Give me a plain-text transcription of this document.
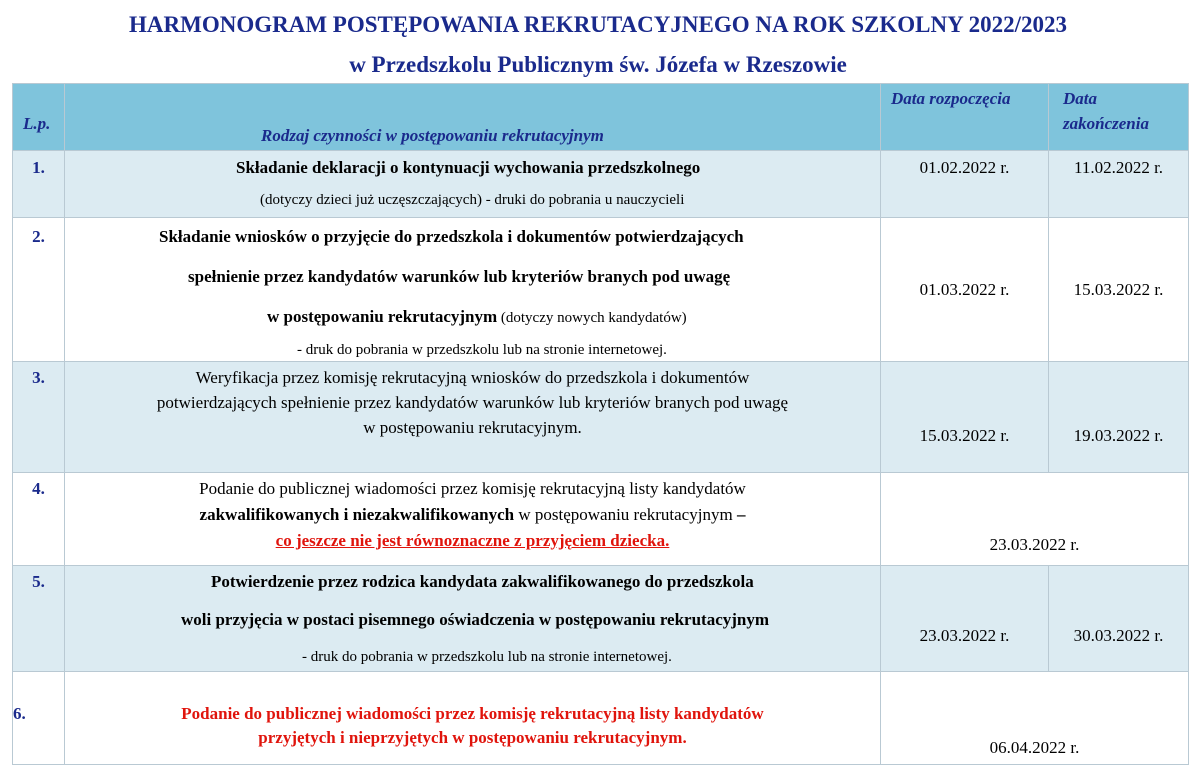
HARMONOGRAM POSTĘPOWANIA REKRUTACYJNEGO NA ROK SZKOLNY 2022/2023
w Przedszkolu Publicznym św. Józefa w Rzeszowie
L.p.	Rodzaj czynności w postępowaniu rekrutacyjnym	Data rozpoczęcia	Data
zakończenia

1.	Składanie deklaracji o kontynuacji wychowania przedszkolnego
(dotyczy dzieci już uczęszczających) - druki do pobrania u nauczycieli	01.02.2022 r.	11.02.2022 r.

2.	Składanie wniosków o przyjęcie do przedszkola i dokumentów potwierdzających
spełnienie przez kandydatów warunków lub kryteriów branych pod uwagę
w postępowaniu rekrutacyjnym (dotyczy nowych kandydatów)
- druk do pobrania w przedszkolu lub na stronie internetowej.	01.03.2022 r.	15.03.2022 r.

3.	Weryfikacja przez komisję rekrutacyjną wniosków do przedszkola i dokumentów
potwierdzających spełnienie przez kandydatów warunków lub kryteriów branych pod uwagę
w postępowaniu rekrutacyjnym.	15.03.2022 r.	19.03.2022 r.

4.	Podanie do publicznej wiadomości przez komisję rekrutacyjną listy kandydatów
zakwalifikowanych i niezakwalifikowanych w postępowaniu rekrutacyjnym –
co jeszcze nie jest równoznaczne z przyjęciem dziecka.	23.03.2022 r.	

5.	Potwierdzenie przez rodzica kandydata zakwalifikowanego do przedszkola
woli przyjęcia w postaci pisemnego oświadczenia w postępowaniu rekrutacyjnym
- druk do pobrania w przedszkolu lub na stronie internetowej.	23.03.2022 r.	30.03.2022 r.

6.	Podanie do publicznej wiadomości przez komisję rekrutacyjną listy kandydatów
przyjętych i nieprzyjętych w postępowaniu rekrutacyjnym.	06.04.2022 r.	
